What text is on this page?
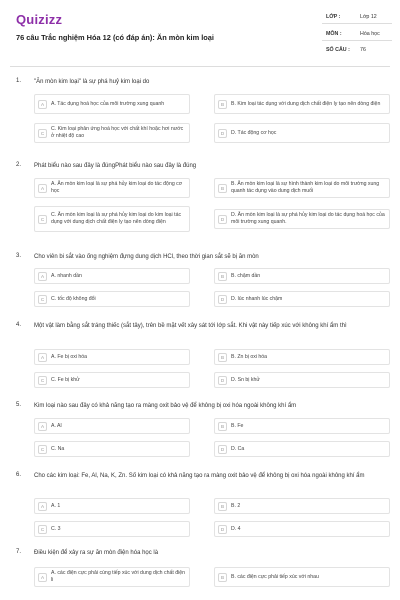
Quizizz
76 câu Trắc nghiệm Hóa 12 (có đáp án): Ăn mòn kim loại
LỚP :	Lớp 12
MÔN :	Hóa học
SỐ CÂU : 76
1. "Ăn mòn kim loại" là sự phá huỷ kim loại do
A	A. Tác dụng hoá học của môi trường xung quanh	B	B. Kim loại tác dụng với dung dịch chất điện ly tạo nên dòng điện
C
C. Kim loại phản ứng hoá học với chất khí hoặc hơi nước ở nhiệt độ cao	D	D. Tác động cơ học
2. Phát biểu nào sau đây là đúngPhát biểu nào sau đây là đúng
A
A. Ăn mòn kim loại là sự phá hủy kim loại do tác động cơ học	B
B. Ăn mòn kim loại là sự hình thành kim loại do môi trường xung quanh tác dụng vào dung dịch muối
C
C. Ăn mòn kim loại là sự phá hủy kim loại do kim loại tác dụng với dung dịch chất điện ly tạo nên dòng điện	D
D. Ăn mòn kim loại là sự phá hủy kim loại do tác dụng hoá học của môi trường xung quanh.
3. Cho viên bi sắt vào ống nghiệm đựng dung dịch HCl, theo thời gian sắt sẽ bị ăn mòn
A	A. nhanh dần	B	B. chậm dần
C	C. tốc độ không đổi	D	D. lúc nhanh lúc chậm
4. Một vật làm bằng sắt tráng thiếc (sắt tây), trên bề mặt vết xây sát tới lớp sắt. Khi vật này tiếp xúc với không khí ẩm thì
A	A. Fe bị oxi hóa	B	B. Zn bị oxi hóa
C	C. Fe bị khử	D	D. Sn bị khử
5. Kim loại nào sau đây có khả năng tạo ra màng oxit bảo vệ để không bị oxi hóa ngoài không khí ẩm
A	A. Al	B	B. Fe
C	C. Na	D	D. Ca
6. Cho các kim loại: Fe, Al, Na, K, Zn. Số kim loại có khả năng tạo ra màng oxit bảo vệ để không bị oxi hóa ngoài không khí ẩm
A	A. 1	B	B. 2
C	C. 3	D	D. 4
7. Điều kiện để xảy ra sự ăn mòn điện hóa học là
A
A. các điện cực phải cùng tiếp xúc với dung dịch chất điện li	B	B. các điện cực phải tiếp xúc với nhau
